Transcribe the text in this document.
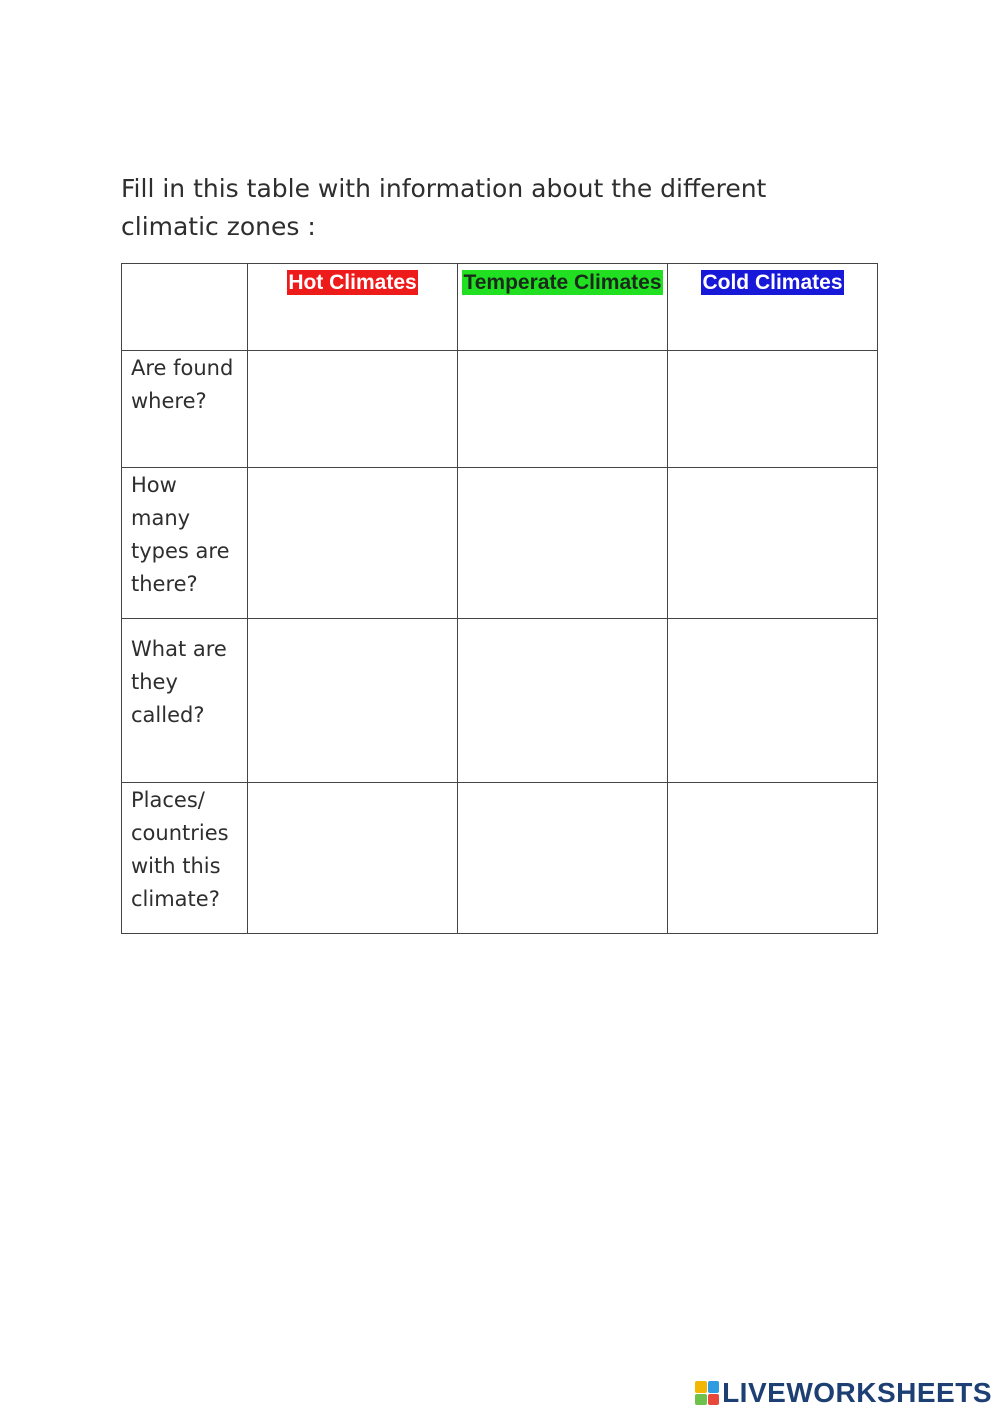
Fill in this table with information about the different
climatic zones :
	Hot Climates	Temperate Climates	Cold Climates
Are found where?			
How many types are there?			
What are they called?			
Places/ countries with this climate?			
LIVEWORKSHEETS
